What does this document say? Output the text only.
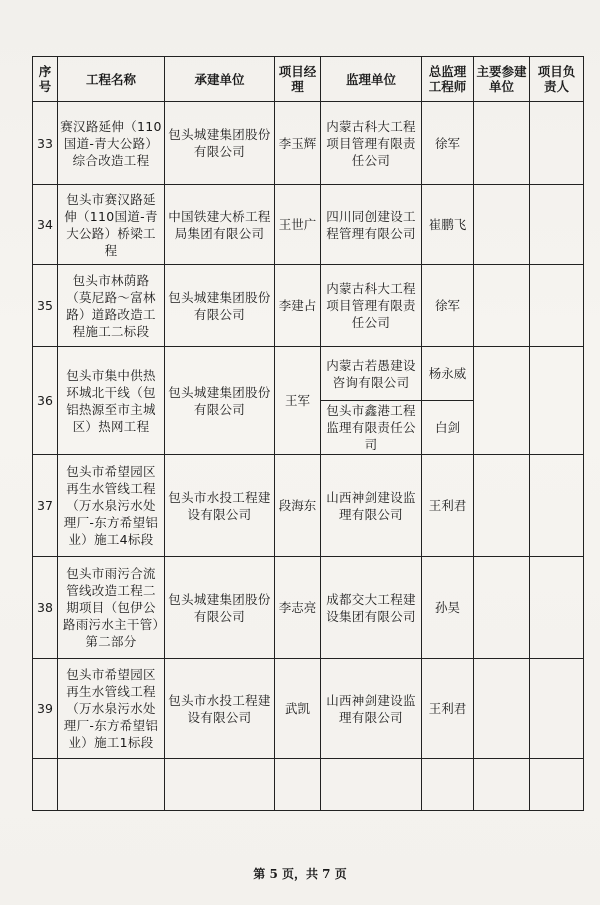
序号	工程名称	承建单位	项目经理	监理单位	总监理工程师	主要参建单位	项目负责人
33	赛汉路延伸（110国道-青大公路）综合改造工程	包头城建集团股份有限公司	李玉辉	内蒙古科大工程项目管理有限责任公司	徐军		
34	包头市赛汉路延伸（110国道-青大公路）桥梁工程	中国铁建大桥工程局集团有限公司	王世广	四川同创建设工程管理有限公司	崔鹏飞		
35	包头市林荫路（莫尼路～富林路）道路改造工程施工二标段	包头城建集团股份有限公司	李建占	内蒙古科大工程项目管理有限责任公司	徐军		
36	包头市集中供热环城北干线（包铝热源至市主城区）热网工程	包头城建集团股份有限公司	王军	内蒙古若愚建设咨询有限公司	杨永威		
				包头市鑫港工程监理有限责任公司	白剑		
37	包头市希望园区再生水管线工程（万水泉污水处理厂-东方希望铝业）施工4标段	包头市水投工程建设有限公司	段海东	山西神剑建设监理有限公司	王利君		
38	包头市雨污合流管线改造工程二期项目（包伊公路雨污水主干管）第二部分	包头城建集团股份有限公司	李志亮	成都交大工程建设集团有限公司	孙昊		
39	包头市希望园区再生水管线工程（万水泉污水处理厂-东方希望铝业）施工1标段	包头市水投工程建设有限公司	武凯	山西神剑建设监理有限公司	王利君		

第 5 页，共 7 页
